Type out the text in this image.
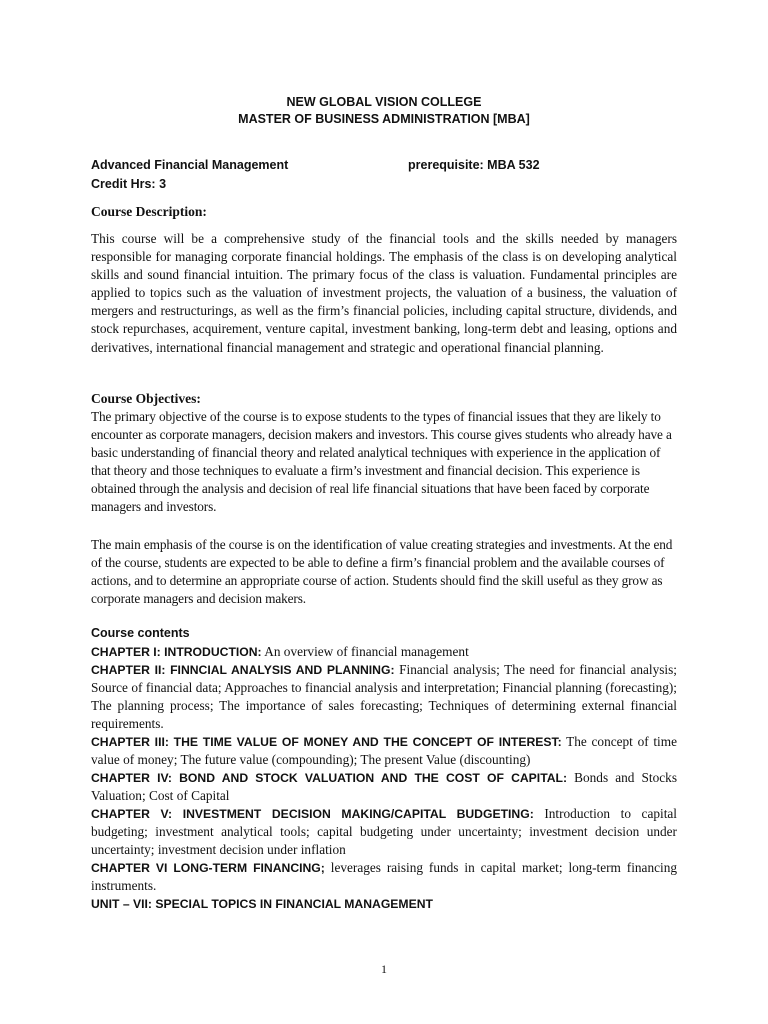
NEW GLOBAL VISION COLLEGE
MASTER OF BUSINESS ADMINISTRATION [MBA]
Advanced Financial Management	prerequisite: MBA 532
Credit Hrs: 3
Course Description:

This course will be a comprehensive study of the financial tools and the skills needed by managers responsible for managing corporate financial holdings. The emphasis of the class is on developing analytical skills and sound financial intuition. The primary focus of the class is valuation. Fundamental principles are applied to topics such as the valuation of investment projects, the valuation of a business, the valuation of mergers and restructurings, as well as the firm’s financial policies, including capital structure, dividends, and stock repurchases, acquirement, venture capital, investment banking, long-term debt and leasing, options and derivatives, international financial management and strategic and operational financial planning.

Course Objectives:

The primary objective of the course is to expose students to the types of financial issues that they are likely to encounter as corporate managers, decision makers and investors. This course gives students who already have a basic understanding of financial theory and related analytical techniques with experience in the application of that theory and those techniques to evaluate a firm’s investment and financial decision. This experience is obtained through the analysis and decision of real life financial situations that have been faced by corporate managers and investors.

The main emphasis of the course is on the identification of value creating strategies and investments. At the end of the course, students are expected to be able to define a firm’s financial problem and the available courses of actions, and to determine an appropriate course of action. Students should find the skill useful as they grow as corporate managers and decision makers.

Course contents

CHAPTER I: INTRODUCTION: An overview of financial management

CHAPTER II: FINNCIAL ANALYSIS AND PLANNING: Financial analysis; The need for financial analysis; Source of financial data; Approaches to financial analysis and interpretation; Financial planning (forecasting); The planning process; The importance of sales forecasting; Techniques of determining external financial requirements.

CHAPTER III: THE TIME VALUE OF MONEY AND THE CONCEPT OF INTEREST: The concept of time value of money; The future value (compounding); The present Value (discounting)

CHAPTER IV: BOND AND STOCK VALUATION AND THE COST OF CAPITAL: Bonds and Stocks Valuation; Cost of Capital

CHAPTER V: INVESTMENT DECISION MAKING/CAPITAL BUDGETING: Introduction to capital budgeting; investment analytical tools; capital budgeting under uncertainty; investment decision under uncertainty; investment decision under inflation

CHAPTER VI LONG-TERM FINANCING; leverages raising funds in capital market; long-term financing instruments.

UNIT – VII: SPECIAL TOPICS IN FINANCIAL MANAGEMENT

1
